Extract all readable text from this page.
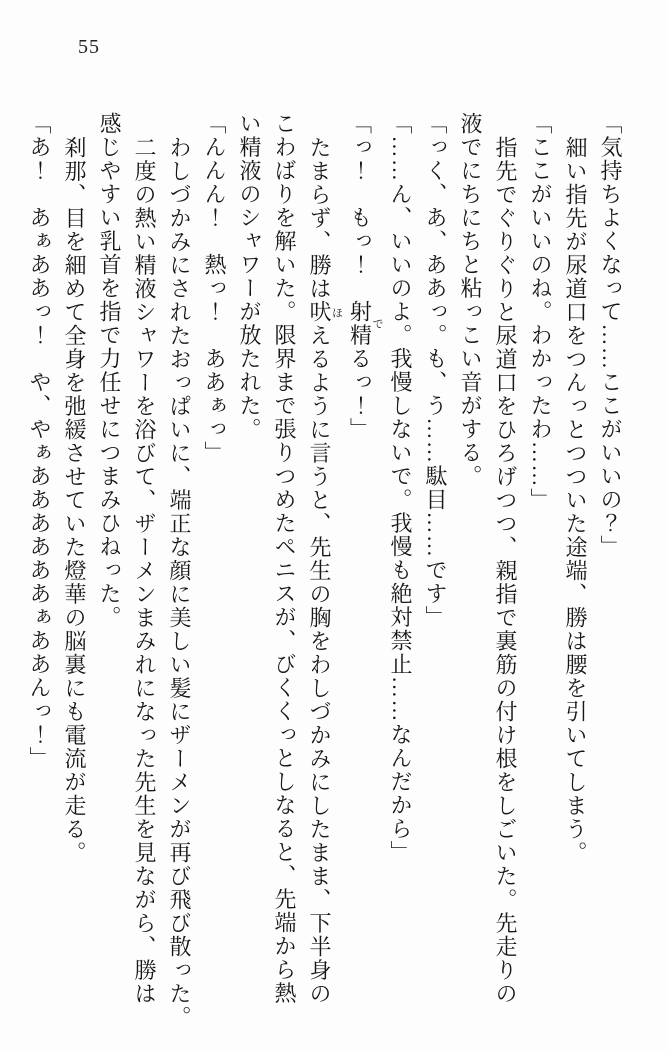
55

「気持ちよくなって……ここがいいの？」

細い指先が尿道口をつんっとつついた途端、勝は腰を引いてしまう。

「ここがいいのね。わかったわ……」

指先でぐりぐりと尿道口をひろげつつ、親指で裏筋の付け根をしごいた。先走りの

液でにちにちと粘っこい音がする。

「っく、あ、ああっ。も、う……駄目……です」

「……ん、いいのよ。我慢しないで。我慢も絶対禁止……なんだから」

「っ！　もっ！　射精でるっ！」

たまらず、勝は吠ほえるように言うと、先生の胸をわしづかみにしたまま、下半身の

こわばりを解いた。限界まで張りつめたペニスが、びくくっとしなると、先端から熱

い精液のシャワーが放たれた。

「んんん！　熱っ！　ああぁっ」

わしづかみにされたおっぱいに、端正な顔に美しい髪にザーメンが再び飛び散った。

二度の熱い精液シャワーを浴びて、ザーメンまみれになった先生を見ながら、勝は

感じやすい乳首を指で力任せにつまみひねった。

刹那、目を細めて全身を弛緩させていた燈華の脳裏にも電流が走る。

「あ！　あぁああっ！　や、やぁああああああぁああんっ！」
